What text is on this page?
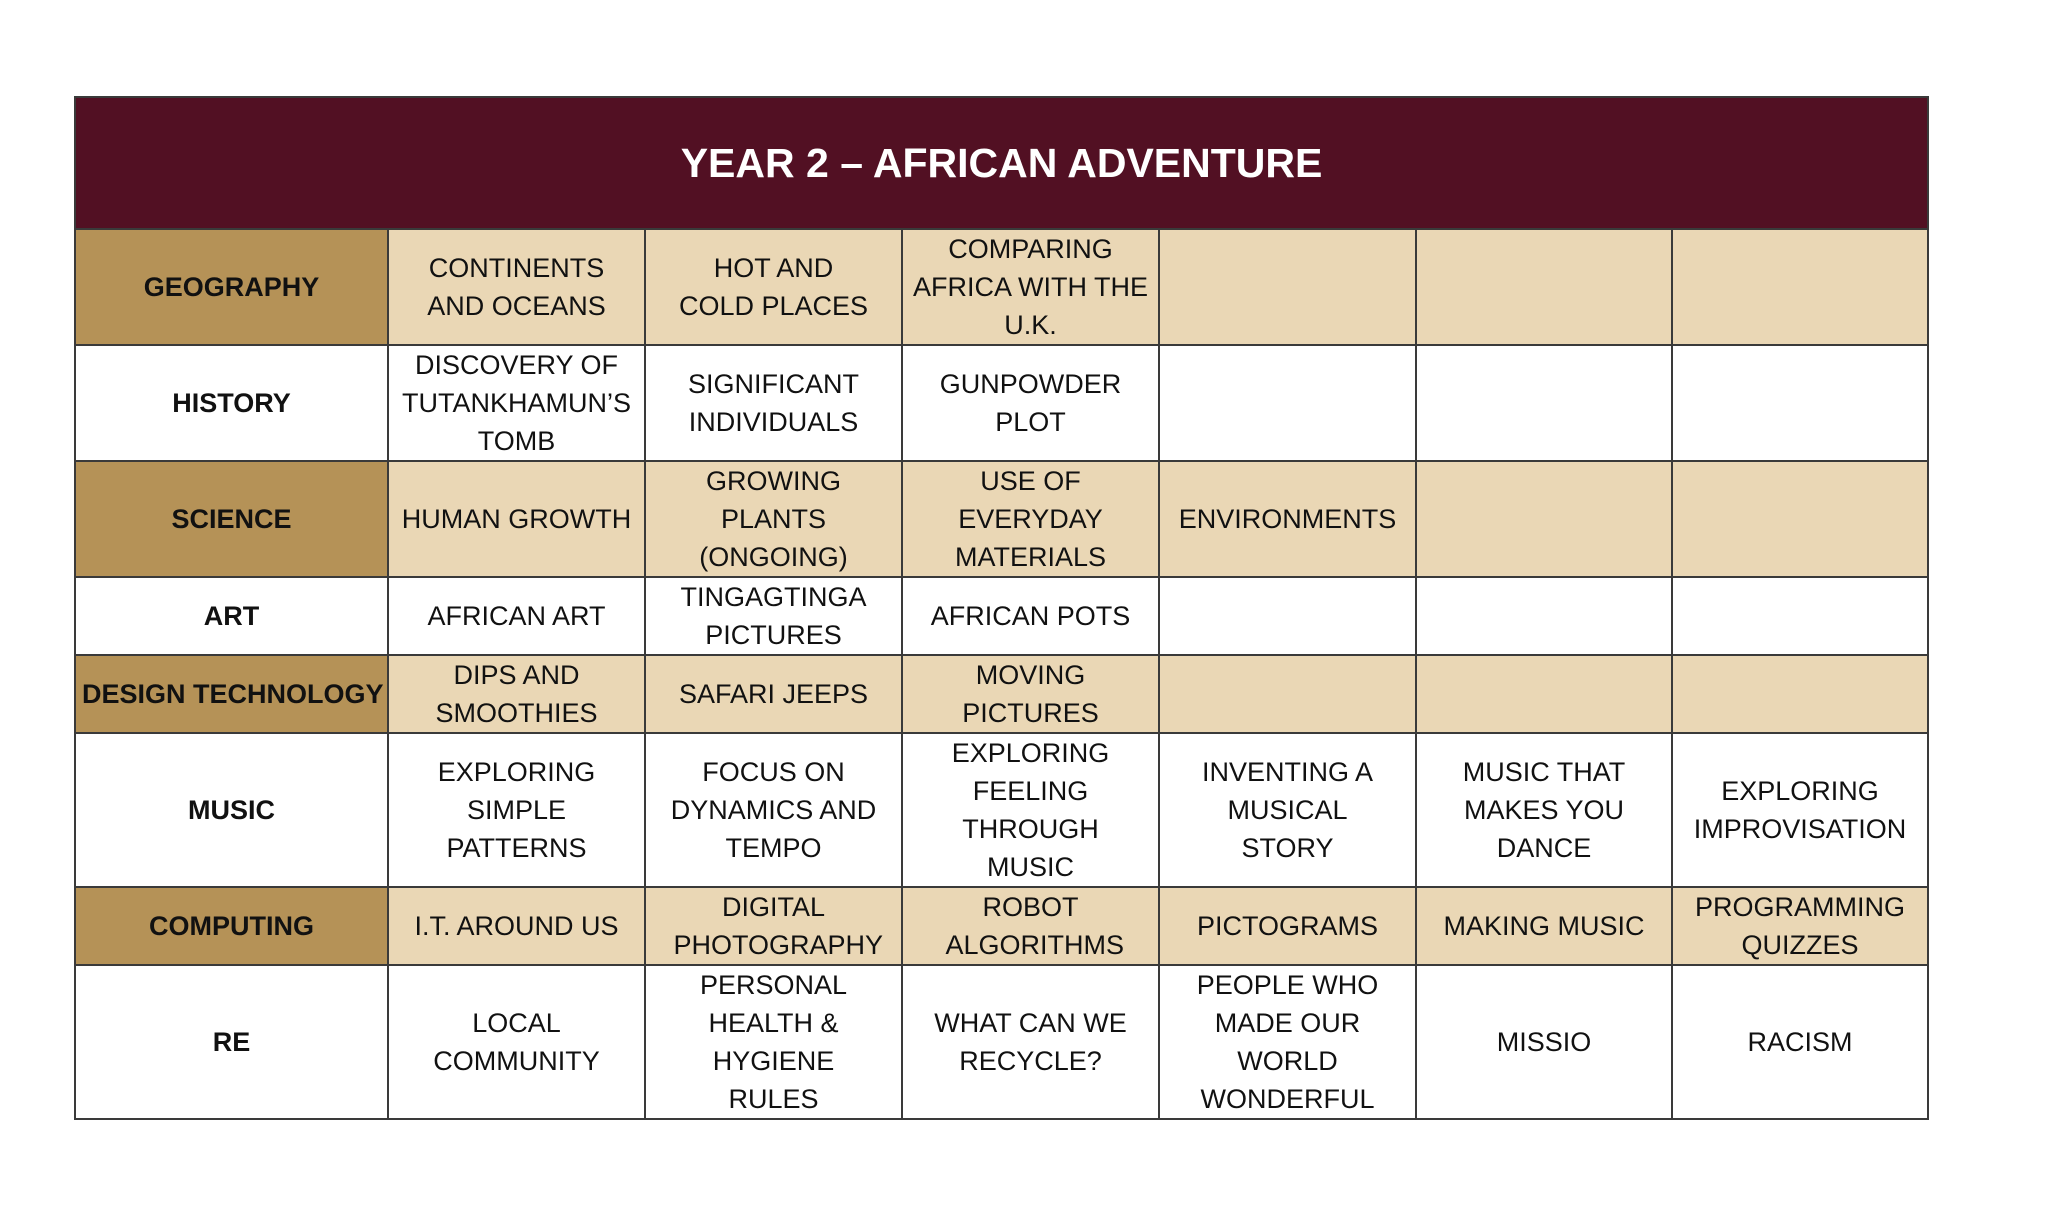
YEAR 2 – AFRICAN ADVENTURE						
GEOGRAPHY	CONTINENTS AND OCEANS	HOT AND COLD PLACES	COMPARING AFRICA WITH THE U.K.			

HISTORY	DISCOVERY OF TUTANKHAMUN’S TOMB	SIGNIFICANT INDIVIDUALS	GUNPOWDER PLOT			

SCIENCE	HUMAN GROWTH	GROWING PLANTS (ONGOING)	USE OF EVERYDAY MATERIALS	ENVIRONMENTS		

ART	AFRICAN ART	TINGAGTINGA PICTURES	AFRICAN POTS			

DESIGN TECHNOLOGY	DIPS AND SMOOTHIES	SAFARI JEEPS	MOVING PICTURES			

MUSIC	EXPLORING SIMPLE PATTERNS	FOCUS ON DYNAMICS AND TEMPO	EXPLORING FEELING THROUGH MUSIC	INVENTING A MUSICAL STORY	MUSIC THAT MAKES YOU DANCE	EXPLORING IMPROVISATION

COMPUTING	I.T. AROUND US	DIGITAL PHOTOGRAPHY	ROBOT ALGORITHMS	PICTOGRAMS	MAKING MUSIC	PROGRAMMING QUIZZES

RE	LOCAL COMMUNITY	PERSONAL HEALTH & HYGIENE RULES	WHAT CAN WE RECYCLE?	PEOPLE WHO MADE OUR WORLD WONDERFUL	MISSIO	RACISM
